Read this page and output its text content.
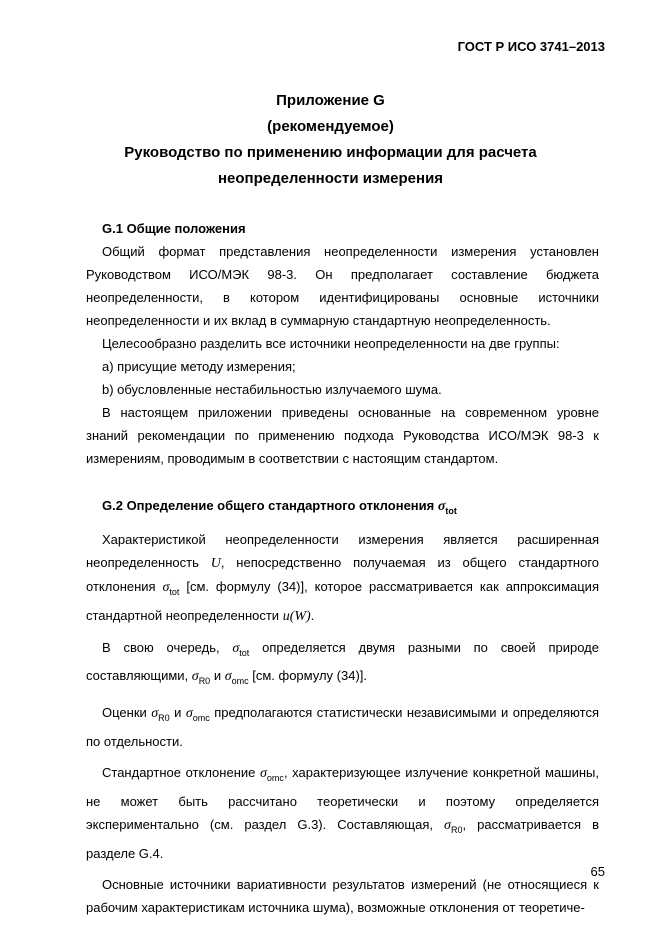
ГОСТ Р ИСО 3741–2013
Приложение G
(рекомендуемое)
Руководство по применению информации для расчета
неопределенности измерения
G.1 Общие положения

Общий формат представления неопределенности измерения установлен Руководством ИСО/МЭК 98-3. Он предполагает составление бюджета неопределенности, в котором идентифицированы основные источники неопределенности и их вклад в суммарную стандартную неопределенность.

Целесообразно разделить все источники неопределенности на две группы:

а) присущие методу измерения;

b) обусловленные нестабильностью излучаемого шума.

В настоящем приложении приведены основанные на современном уровне знаний рекомендации по применению подхода Руководства ИСО/МЭК 98-3 к измерениям, проводимым в соответствии с настоящим стандартом.

G.2 Определение общего стандартного отклонения $\sigma_{tot}$

Характеристикой неопределенности измерения является расширенная неопределенность U, непосредственно получаемая из общего стандартного отклонения $\sigma_{tot}$ [см. формулу (34)], которое рассматривается как аппроксимация стандартной неопределенности u(W).

В свою очередь, $\sigma_{tot}$ определяется двумя разными по своей природе составляющими, $\sigma_{R0}$ и $\sigma_{omc}$ [см. формулу (34)].

Оценки $\sigma_{R0}$ и $\sigma_{omc}$ предполагаются статистически независимыми и определяются по отдельности.

Стандартное отклонение $\sigma_{omc}$, характеризующее излучение конкретной машины, не может быть рассчитано теоретически и поэтому определяется экспериментально (см. раздел G.3). Составляющая, $\sigma_{R0}$, рассматривается в разделе G.4.

Основные источники вариативности результатов измерений (не относящиеся к рабочим характеристикам источника шума), возможные отклонения от теоретиче-

65
